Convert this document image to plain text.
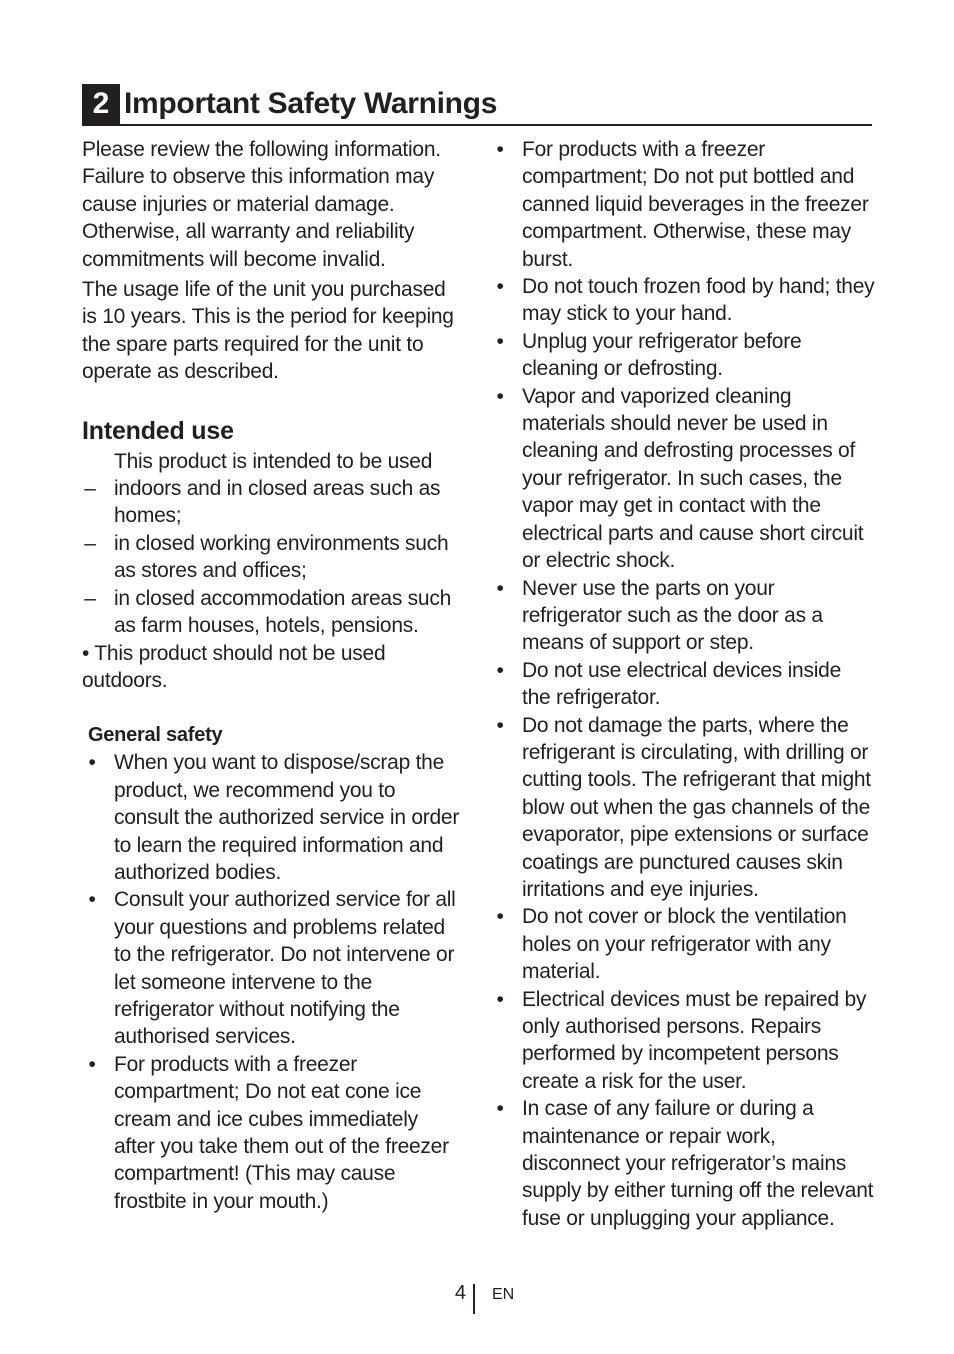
2 Important Safety Warnings

Please review the following information. Failure to observe this information may cause injuries or material damage. Otherwise, all warranty and reliability commitments will become invalid.

The usage life of the unit you purchased is 10 years. This is the period for keeping the spare parts required for the unit to operate as described.

Intended use

This product is intended to be used

– indoors and in closed areas such as homes;
– in closed working environments such as stores and offices;
– in closed accommodation areas such as farm houses, hotels, pensions.

• This product should not be used outdoors.

General safety
• When you want to dispose/scrap the product, we recommend you to consult the authorized service in order to learn the required information and authorized bodies.
• Consult your authorized service for all your questions and problems related to the refrigerator. Do not intervene or let someone intervene to the refrigerator without notifying the authorised services.
• For products with a freezer compartment; Do not eat cone ice cream and ice cubes immediately after you take them out of the freezer compartment! (This may cause frostbite in your mouth.)
• For products with a freezer compartment; Do not put bottled and canned liquid beverages in the freezer compartment. Otherwise, these may burst.
• Do not touch frozen food by hand; they may stick to your hand.
• Unplug your refrigerator before cleaning or defrosting.
• Vapor and vaporized cleaning materials should never be used in cleaning and defrosting processes of your refrigerator. In such cases, the vapor may get in contact with the electrical parts and cause short circuit or electric shock.
• Never use the parts on your refrigerator such as the door as a means of support or step.
• Do not use electrical devices inside the refrigerator.
• Do not damage the parts, where the refrigerant is circulating, with drilling or cutting tools. The refrigerant that might blow out when the gas channels of the evaporator, pipe extensions or surface coatings are punctured causes skin irritations and eye injuries.
• Do not cover or block the ventilation holes on your refrigerator with any material.
• Electrical devices must be repaired by only authorised persons. Repairs performed by incompetent persons create a risk for the user.
• In case of any failure or during a maintenance or repair work, disconnect your refrigerator’s mains supply by either turning off the relevant fuse or unplugging your appliance.
4 EN
